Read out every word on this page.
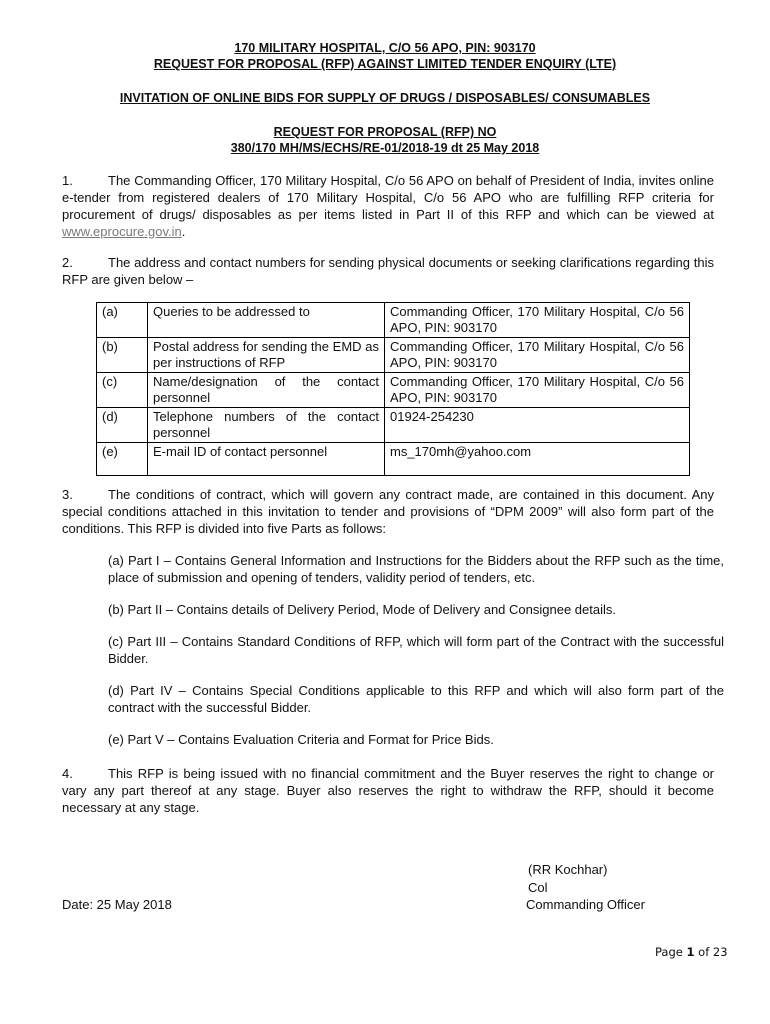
170 MILITARY HOSPITAL, C/O 56 APO, PIN: 903170
REQUEST FOR PROPOSAL (RFP) AGAINST LIMITED TENDER ENQUIRY (LTE)
INVITATION OF ONLINE BIDS FOR SUPPLY OF DRUGS / DISPOSABLES/ CONSUMABLES
REQUEST FOR PROPOSAL (RFP) NO
380/170 MH/MS/ECHS/RE-01/2018-19 dt 25 May 2018
1.	The Commanding Officer, 170 Military Hospital, C/o 56 APO on behalf of President of India, invites online e-tender from registered dealers of 170 Military Hospital, C/o 56 APO who are fulfilling RFP criteria for procurement of drugs/ disposables as per items listed in Part II of this RFP and which can be viewed at www.eprocure.gov.in.
2.	The address and contact numbers for sending physical documents or seeking clarifications regarding this RFP are given below –
(a)	Queries to be addressed to	Commanding Officer, 170 Military Hospital, C/o 56 APO, PIN: 903170
(b)	Postal address for sending the EMD as per instructions of RFP	Commanding Officer, 170 Military Hospital, C/o 56 APO, PIN: 903170
(c)	Name/designation of the contact personnel	Commanding Officer, 170 Military Hospital, C/o 56 APO, PIN: 903170
(d)	Telephone numbers of the contact personnel	01924-254230
(e)	E-mail ID of contact personnel	ms_170mh@yahoo.com
3.	The conditions of contract, which will govern any contract made, are contained in this document. Any special conditions attached in this invitation to tender and provisions of “DPM 2009” will also form part of the conditions. This RFP is divided into five Parts as follows:
(a) Part I – Contains General Information and Instructions for the Bidders about the RFP such as the time, place of submission and opening of tenders, validity period of tenders, etc.
(b) Part II – Contains details of Delivery Period, Mode of Delivery and Consignee details.
(c) Part III – Contains Standard Conditions of RFP, which will form part of the Contract with the successful Bidder.
(d) Part IV – Contains Special Conditions applicable to this RFP and which will also form part of the contract with the successful Bidder.
(e) Part V – Contains Evaluation Criteria and Format for Price Bids.
4.	This RFP is being issued with no financial commitment and the Buyer reserves the right to change or vary any part thereof at any stage. Buyer also reserves the right to withdraw the RFP, should it become necessary at any stage.
(RR Kochhar)
Col
Commanding Officer
Date: 25 May 2018
Page 1 of 23
